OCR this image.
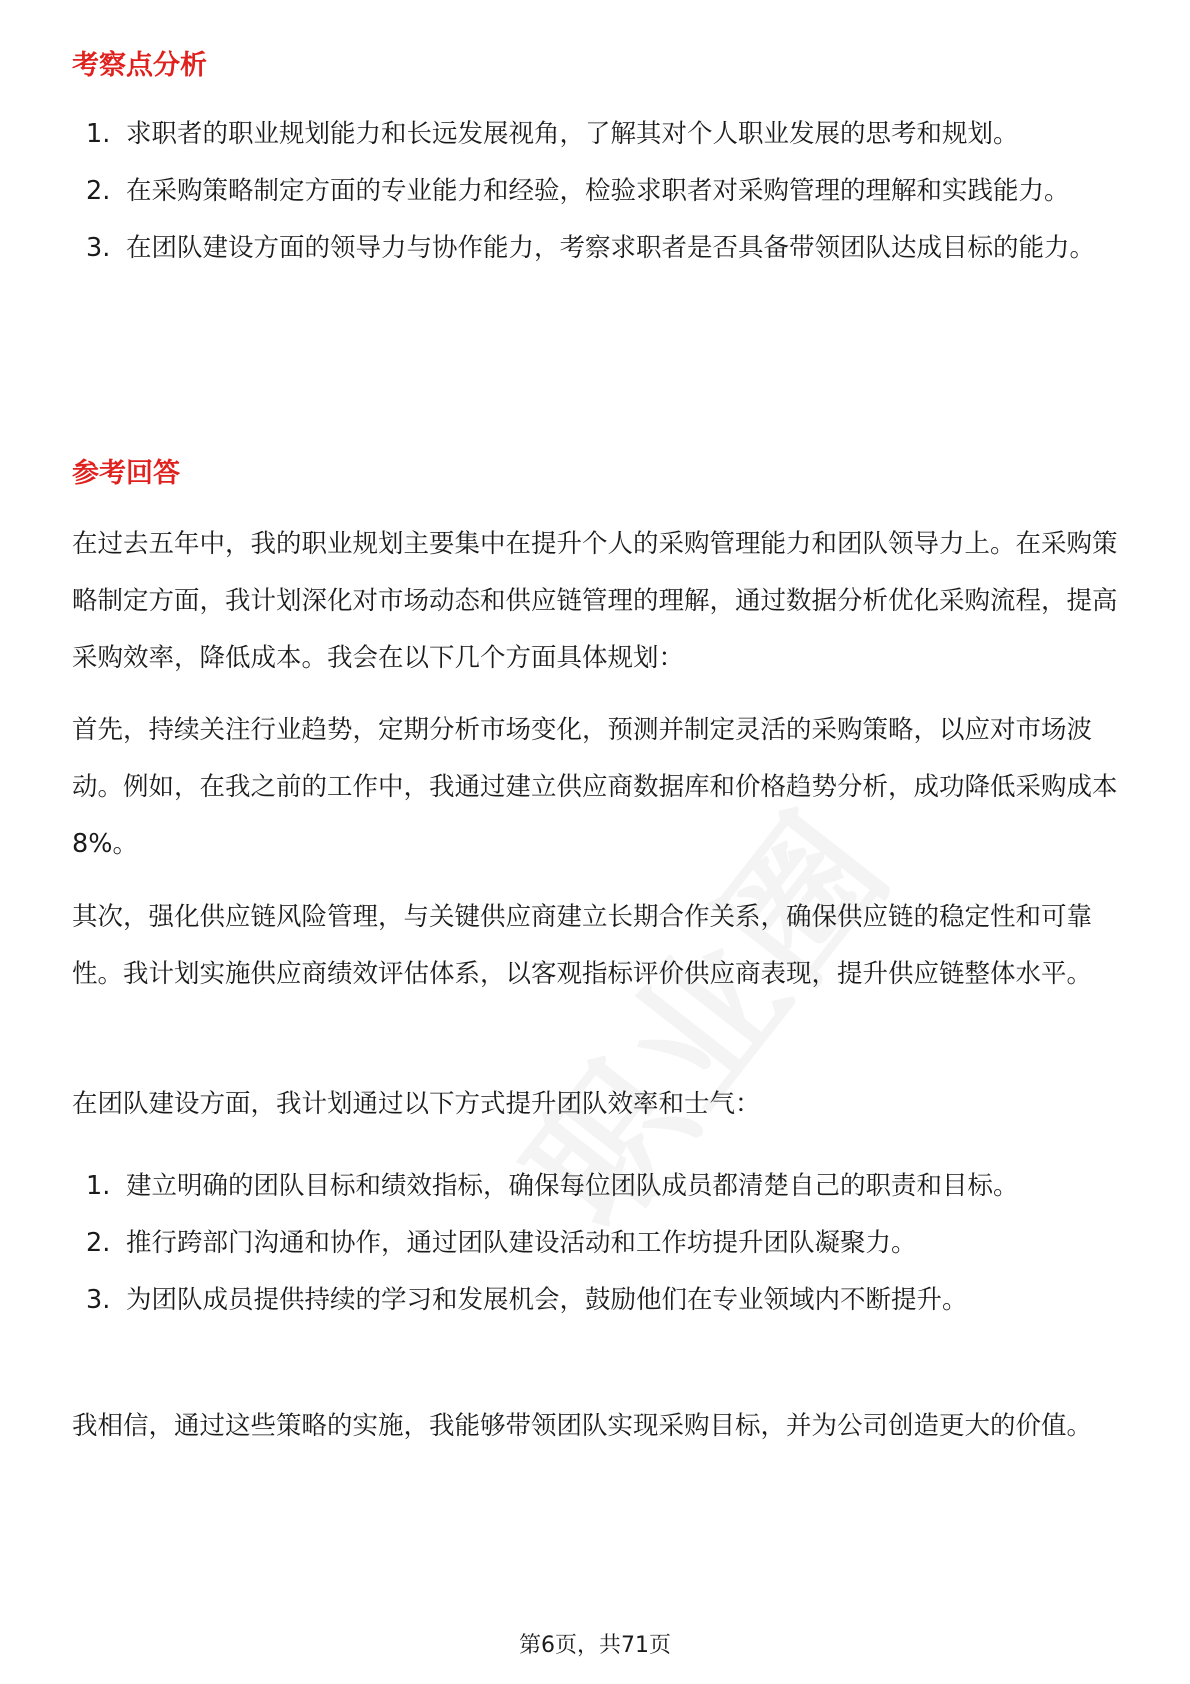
考察点分析
1. 求职者的职业规划能力和长远发展视角，了解其对个人职业发展的思考和规划。
2. 在采购策略制定方面的专业能力和经验，检验求职者对采购管理的理解和实践能力。
3. 在团队建设方面的领导力与协作能力，考察求职者是否具备带领团队达成目标的能力。
参考回答

在过去五年中，我的职业规划主要集中在提升个人的采购管理能力和团队领导力上。在采购策略制定方面，我计划深化对市场动态和供应链管理的理解，通过数据分析优化采购流程，提高采购效率，降低成本。我会在以下几个方面具体规划：

首先，持续关注行业趋势，定期分析市场变化，预测并制定灵活的采购策略，以应对市场波动。例如，在我之前的工作中，我通过建立供应商数据库和价格趋势分析，成功降低采购成本8%。

其次，强化供应链风险管理，与关键供应商建立长期合作关系，确保供应链的稳定性和可靠性。我计划实施供应商绩效评估体系，以客观指标评价供应商表现，提升供应链整体水平。

在团队建设方面，我计划通过以下方式提升团队效率和士气：

1. 建立明确的团队目标和绩效指标，确保每位团队成员都清楚自己的职责和目标。
2. 推行跨部门沟通和协作，通过团队建设活动和工作坊提升团队凝聚力。
3. 为团队成员提供持续的学习和发展机会，鼓励他们在专业领域内不断提升。

我相信，通过这些策略的实施，我能够带领团队实现采购目标，并为公司创造更大的价值。

第6页，共71页
